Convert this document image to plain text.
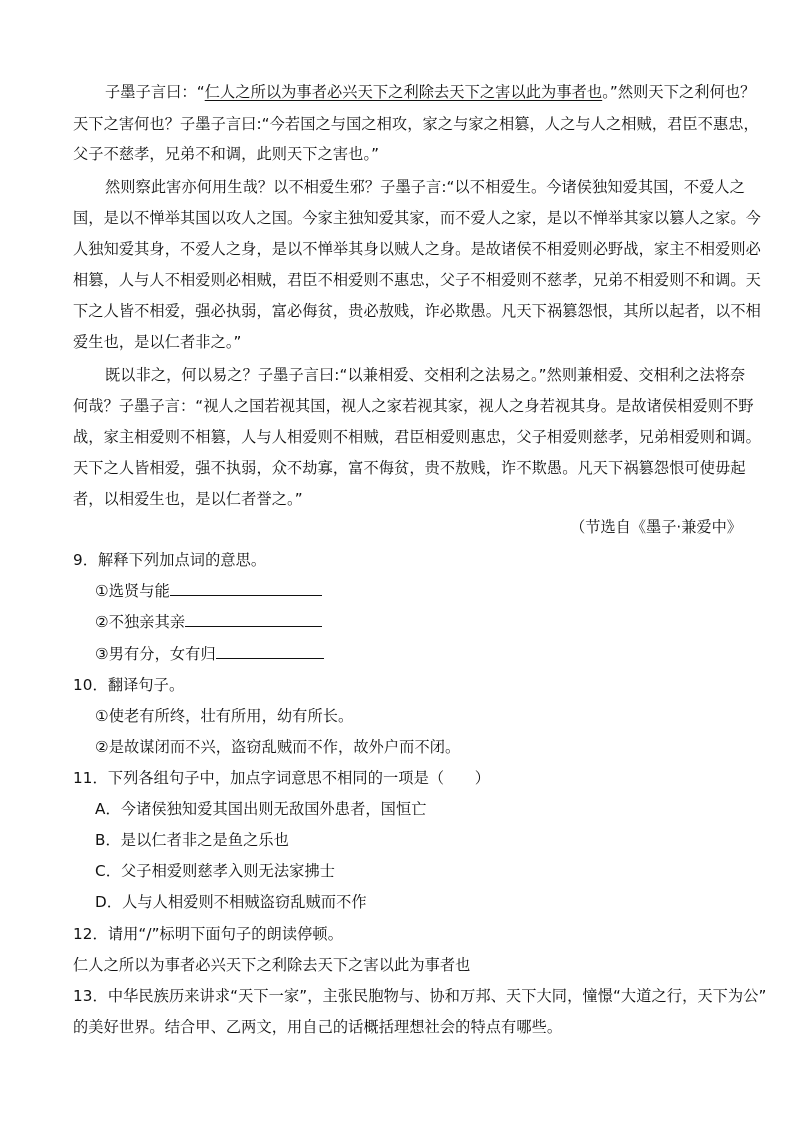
子墨子言曰：“仁人之所以为事者必兴天下之利除去天下之害以此为事者也。”然则天下之利何也？
天下之害何也？子墨子言曰:“今若国之与国之相攻，家之与家之相篡，人之与人之相贼，君臣不惠忠，
父子不慈孝，兄弟不和调，此则天下之害也。”
然则察此害亦何用生哉？以不相爱生邪？子墨子言:“以不相爱生。今诸侯独知爱其国，不爱人之
国，是以不惮举其国以攻人之国。今家主独知爱其家，而不爱人之家，是以不惮举其家以篡人之家。今
人独知爱其身，不爱人之身，是以不惮举其身以贼人之身。是故诸侯不相爱则必野战，家主不相爱则必
相篡，人与人不相爱则必相贼，君臣不相爱则不惠忠，父子不相爱则不慈孝，兄弟不相爱则不和调。天
下之人皆不相爱，强必执弱，富必侮贫，贵必敖贱，诈必欺愚。凡天下祸篡怨恨，其所以起者，以不相
爱生也，是以仁者非之。”
既以非之，何以易之？子墨子言曰:“以兼相爱、交相利之法易之。”然则兼相爱、交相利之法将奈
何哉？子墨子言：“视人之国若视其国，视人之家若视其家，视人之身若视其身。是故诸侯相爱则不野
战，家主相爱则不相篡，人与人相爱则不相贼，君臣相爱则惠忠，父子相爱则慈孝，兄弟相爱则和调。
天下之人皆相爱，强不执弱，众不劫寡，富不侮贫，贵不敖贱，诈不欺愚。凡天下祸篡怨恨可使毋起
者，以相爱生也，是以仁者誉之。”
（节选自《墨子·兼爱中》
9．解释下列加点词的意思。
①选贤与能
②不独亲其亲
③男有分，女有归
10．翻译句子。
①使老有所终，壮有所用，幼有所长。
②是故谋闭而不兴，盗窃乱贼而不作，故外户而不闭。
11．下列各组句子中，加点字词意思不相同的一项是（　　）
A．今诸侯独知爱其国出则无敌国外患者，国恒亡
B．是以仁者非之是鱼之乐也
C．父子相爱则慈孝入则无法家拂士
D．人与人相爱则不相贼盗窃乱贼而不作
12．请用“/”标明下面句子的朗读停顿。
仁人之所以为事者必兴天下之利除去天下之害以此为事者也
13．中华民族历来讲求“天下一家”，主张民胞物与、协和万邦、天下大同，憧憬“大道之行，天下为公”
的美好世界。结合甲、乙两文，用自己的话概括理想社会的特点有哪些。
